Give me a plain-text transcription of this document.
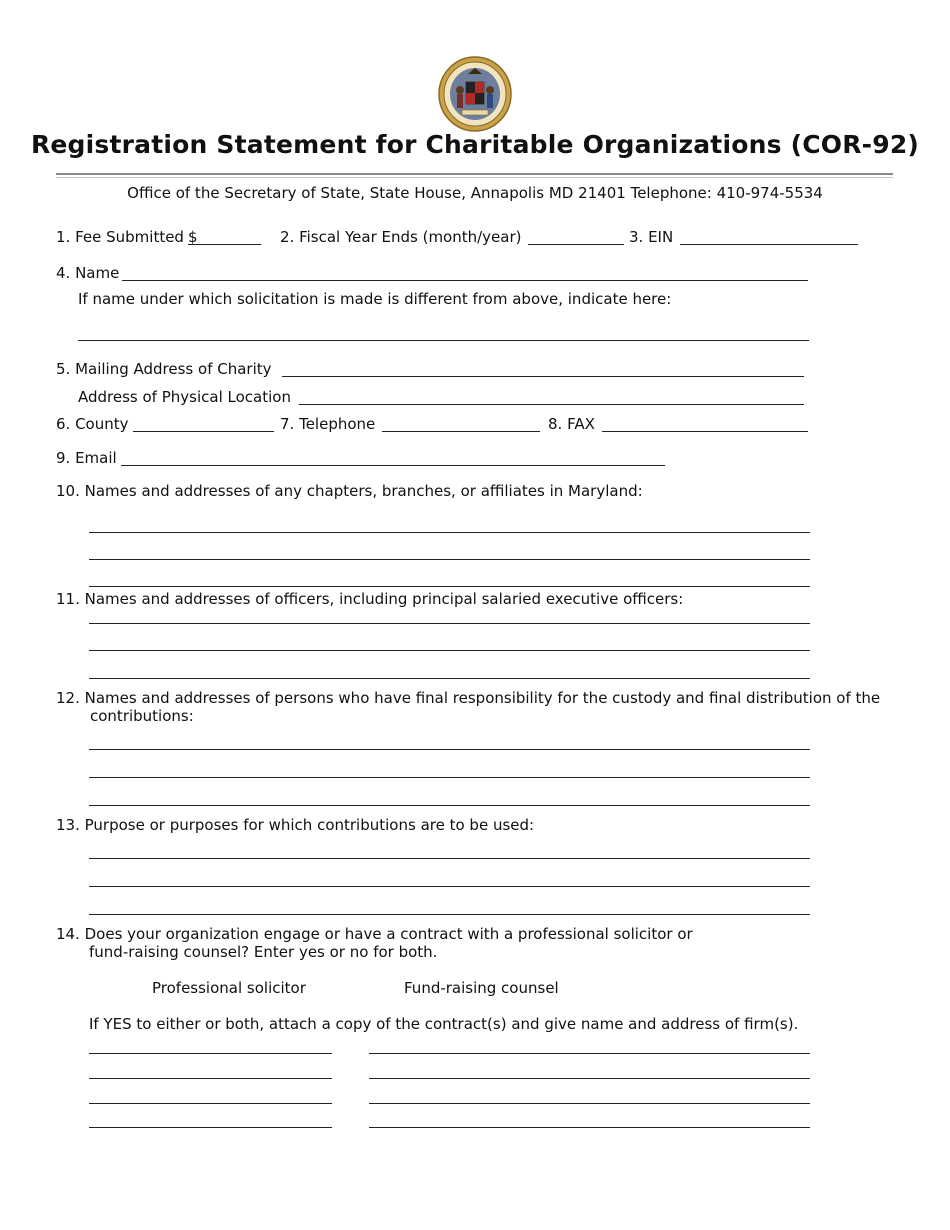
Registration Statement for Charitable Organizations (COR-92)
Office of the Secretary of State, State House, Annapolis MD 21401 Telephone: 410-974-5534
1. Fee Submitted $	2. Fiscal Year Ends (month/year)	3. EIN
4. Name
If name under which solicitation is made is different from above, indicate here:
5. Mailing Address of Charity
Address of Physical Location
6. County	7. Telephone	8. FAX
9. Email
10. Names and addresses of any chapters, branches, or affiliates in Maryland:
11. Names and addresses of officers, including principal salaried executive officers:
12. Names and addresses of persons who have final responsibility for the custody and final distribution of the
contributions:
13. Purpose or purposes for which contributions are to be used:
14. Does your organization engage or have a contract with a professional solicitor or
fund-raising counsel? Enter yes or no for both.
Professional solicitor	Fund-raising counsel
If YES to either or both, attach a copy of the contract(s) and give name and address of firm(s).
